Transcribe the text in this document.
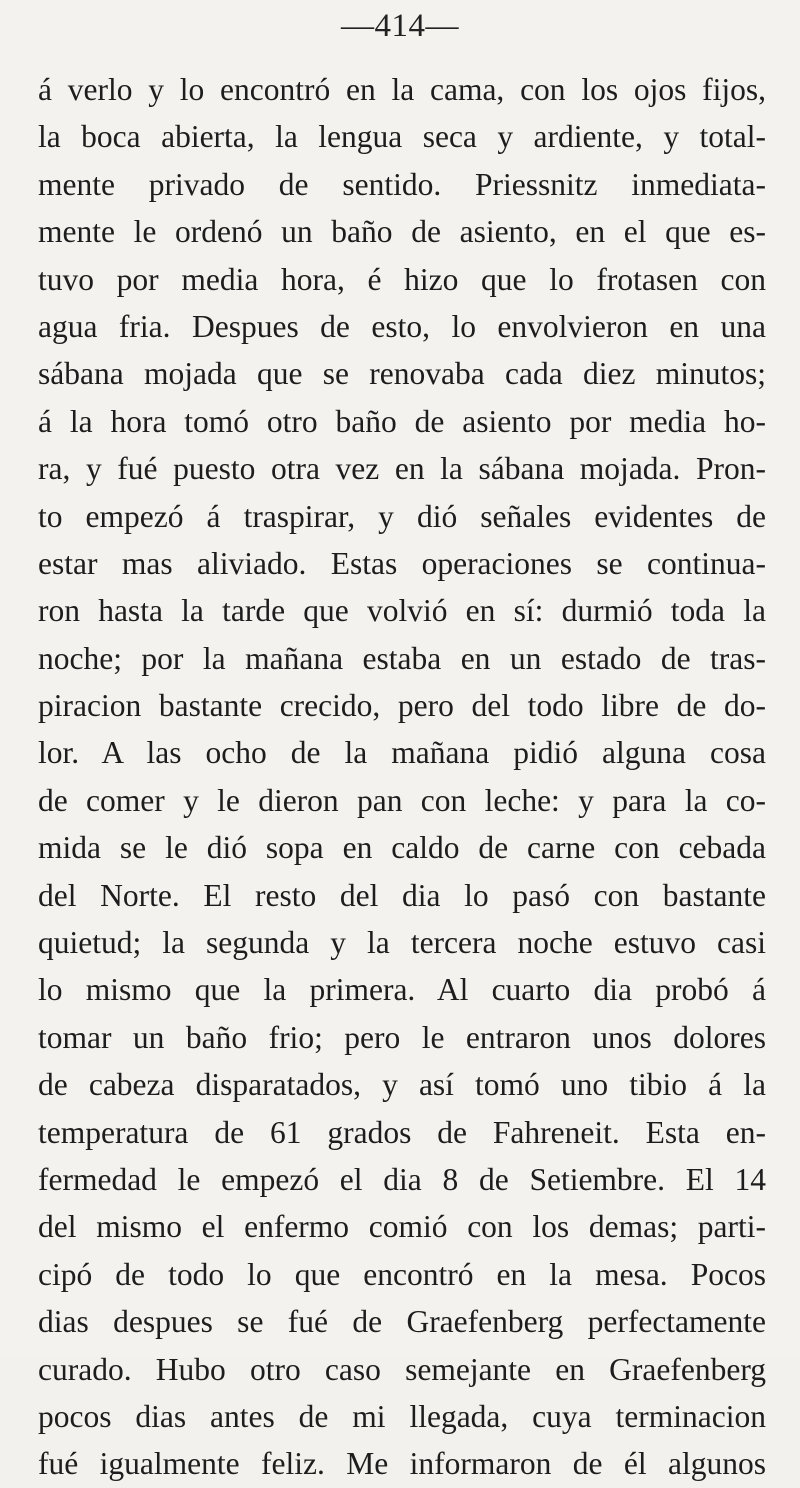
—414—
á verlo y lo encontró en la cama, con los ojos fijos,
la boca abierta, la lengua seca y ardiente, y total-
mente privado de sentido. Priessnitz inmediata-
mente le ordenó un baño de asiento, en el que es-
tuvo por media hora, é hizo que lo frotasen con
agua fria. Despues de esto, lo envolvieron en una
sábana mojada que se renovaba cada diez minutos;
á la hora tomó otro baño de asiento por media ho-
ra, y fué puesto otra vez en la sábana mojada. Pron-
to empezó á traspirar, y dió señales evidentes de
estar mas aliviado. Estas operaciones se continua-
ron hasta la tarde que volvió en sí: durmió toda la
noche; por la mañana estaba en un estado de tras-
piracion bastante crecido, pero del todo libre de do-
lor. A las ocho de la mañana pidió alguna cosa
de comer y le dieron pan con leche: y para la co-
mida se le dió sopa en caldo de carne con cebada
del Norte. El resto del dia lo pasó con bastante
quietud; la segunda y la tercera noche estuvo casi
lo mismo que la primera. Al cuarto dia probó á
tomar un baño frio; pero le entraron unos dolores
de cabeza disparatados, y así tomó uno tibio á la
temperatura de 61 grados de Fahreneit. Esta en-
fermedad le empezó el dia 8 de Setiembre. El 14
del mismo el enfermo comió con los demas; parti-
cipó de todo lo que encontró en la mesa. Pocos
dias despues se fué de Graefenberg perfectamente
curado. Hubo otro caso semejante en Graefenberg
pocos dias antes de mi llegada, cuya terminacion
fué igualmente feliz. Me informaron de él algunos
